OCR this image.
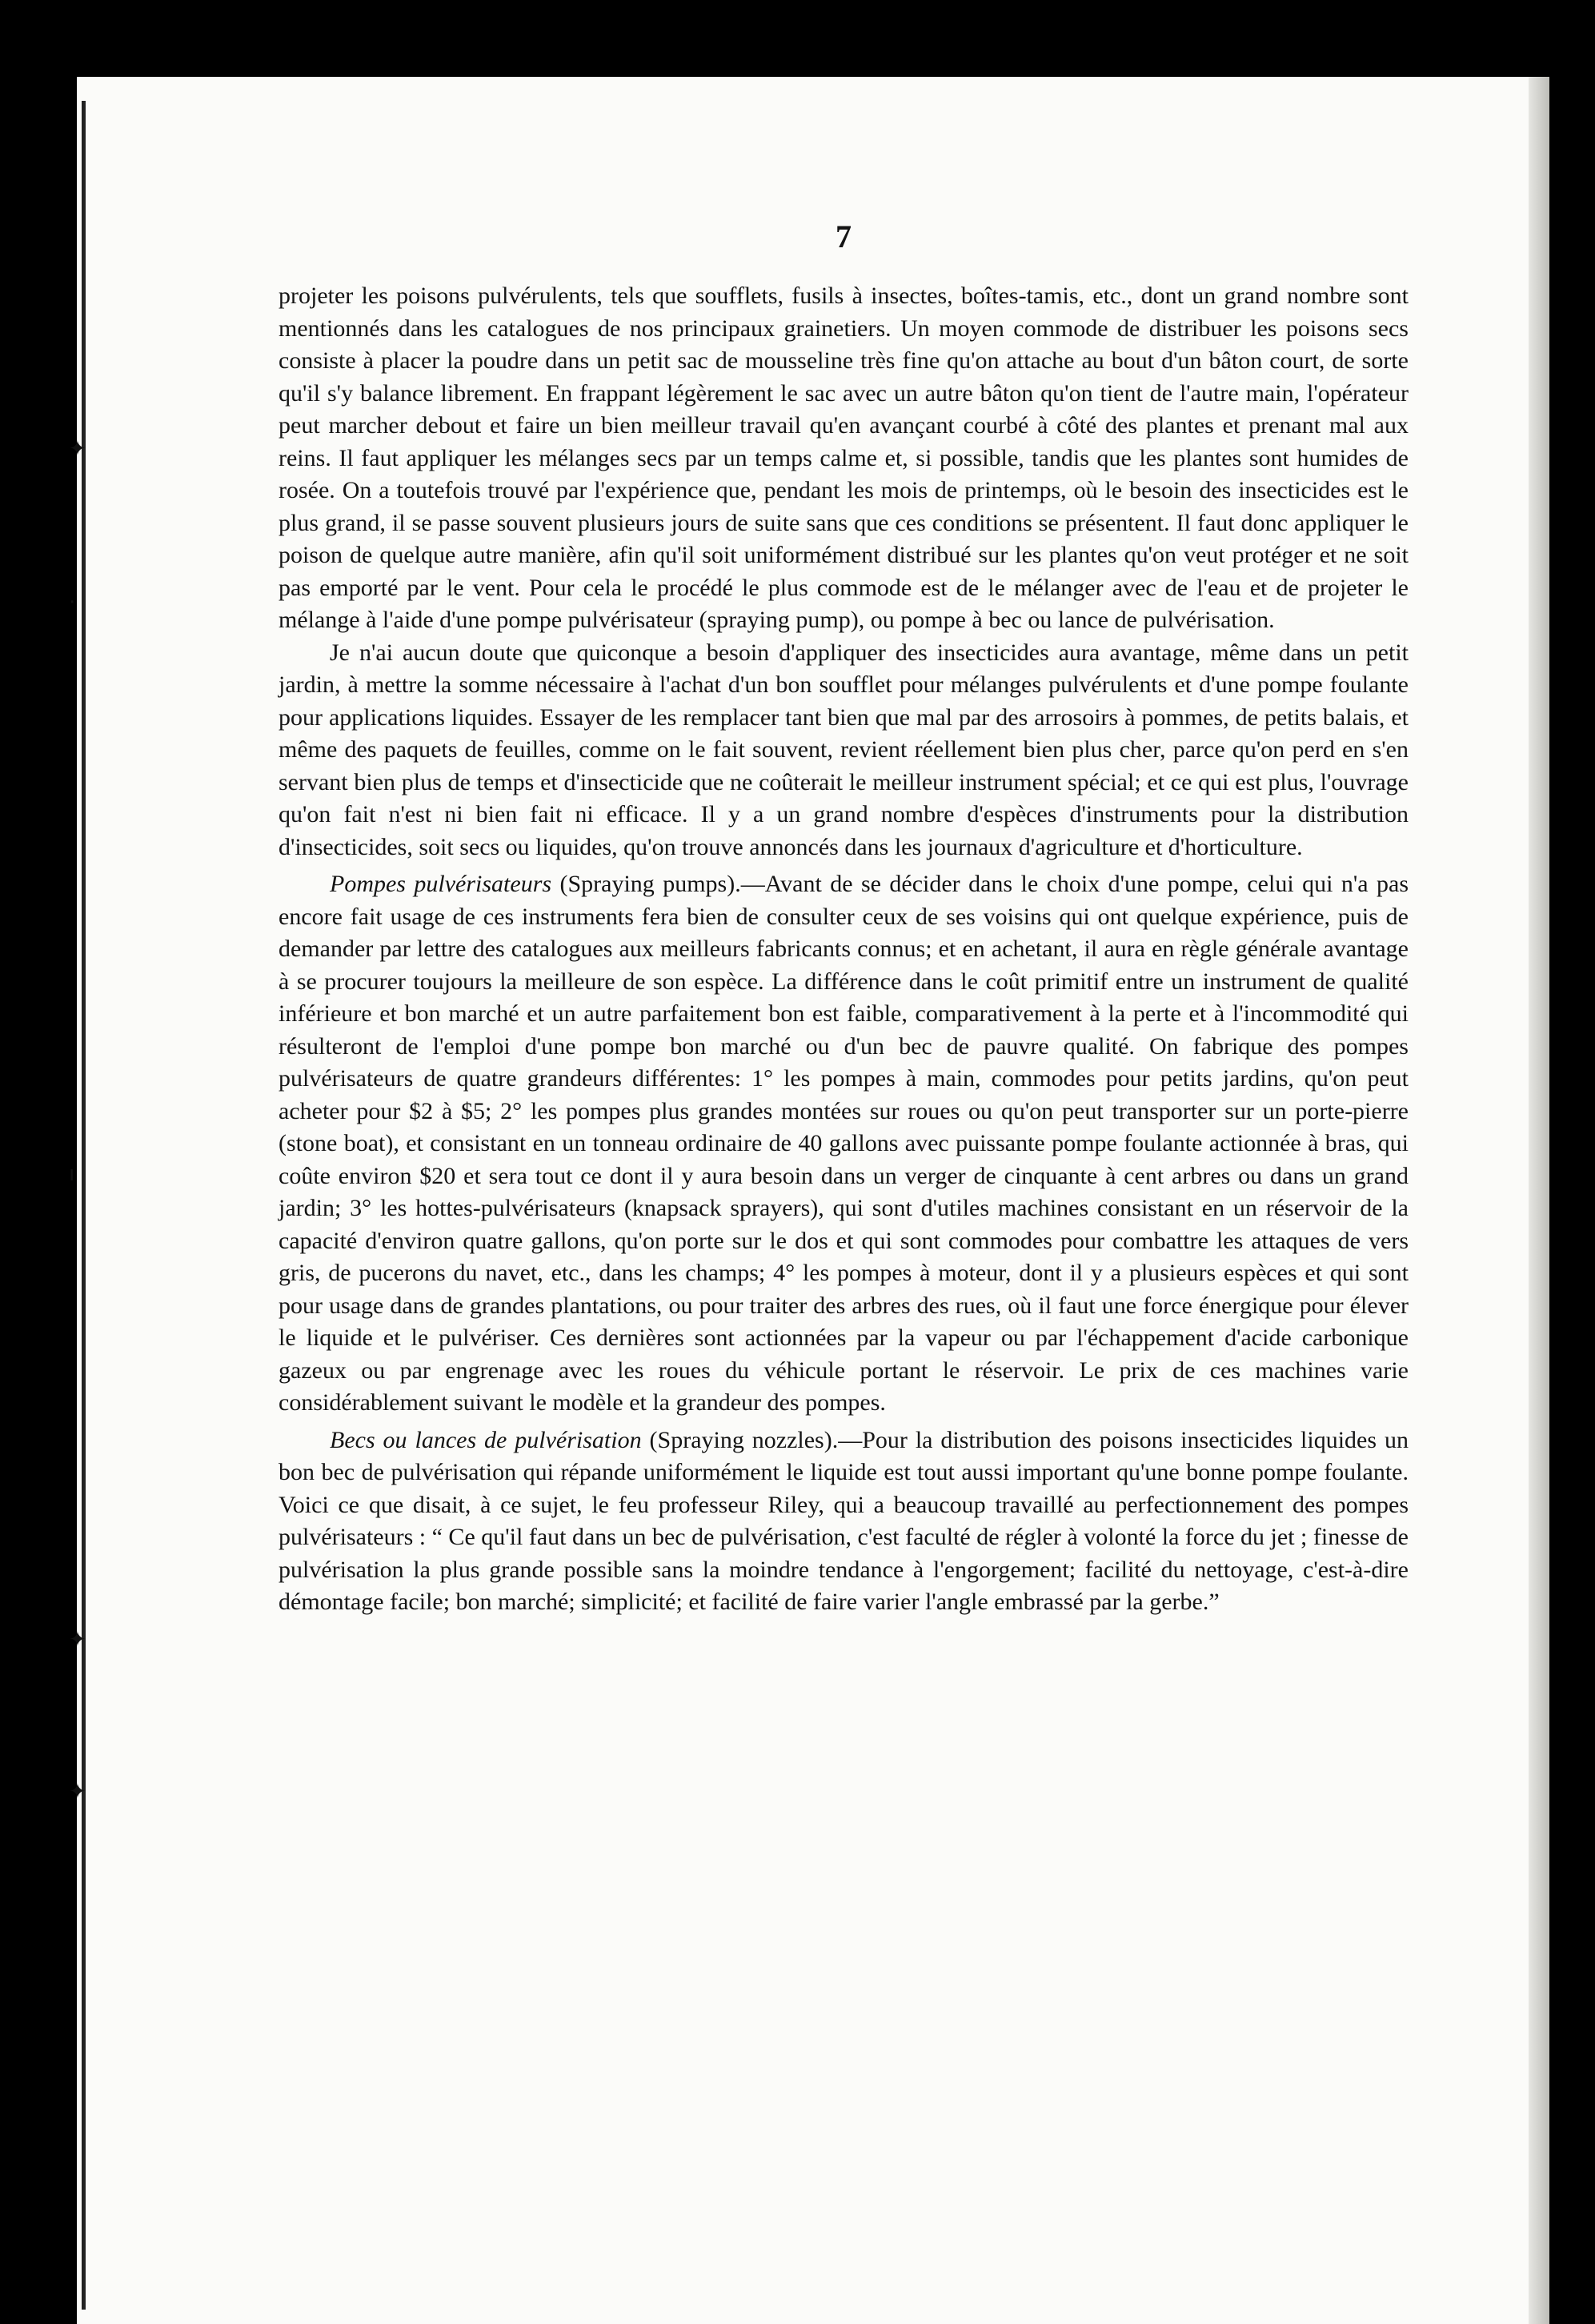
✦
·
ı
✦
✦
7

projeter les poisons pulvérulents, tels que soufflets, fusils à insectes, boîtes-tamis, etc., dont un grand nombre sont mentionnés dans les catalogues de nos principaux grainetiers. Un moyen commode de distribuer les poisons secs consiste à placer la poudre dans un petit sac de mousseline très fine qu'on attache au bout d'un bâton court, de sorte qu'il s'y balance librement. En frappant légèrement le sac avec un autre bâton qu'on tient de l'autre main, l'opérateur peut marcher debout et faire un bien meilleur travail qu'en avançant courbé à côté des plantes et prenant mal aux reins. Il faut appliquer les mélanges secs par un temps calme et, si possible, tandis que les plantes sont humides de rosée. On a toutefois trouvé par l'expérience que, pendant les mois de printemps, où le besoin des insecticides est le plus grand, il se passe souvent plusieurs jours de suite sans que ces conditions se présentent. Il faut donc appliquer le poison de quelque autre manière, afin qu'il soit uniformément distribué sur les plantes qu'on veut protéger et ne soit pas emporté par le vent. Pour cela le procédé le plus commode est de le mélanger avec de l'eau et de projeter le mélange à l'aide d'une pompe pulvérisateur (spraying pump), ou pompe à bec ou lance de pulvérisation.

Je n'ai aucun doute que quiconque a besoin d'appliquer des insecticides aura avantage, même dans un petit jardin, à mettre la somme nécessaire à l'achat d'un bon soufflet pour mélanges pulvérulents et d'une pompe foulante pour applications liquides. Essayer de les remplacer tant bien que mal par des arrosoirs à pommes, de petits balais, et même des paquets de feuilles, comme on le fait souvent, revient réellement bien plus cher, parce qu'on perd en s'en servant bien plus de temps et d'insecticide que ne coûterait le meilleur instrument spécial; et ce qui est plus, l'ouvrage qu'on fait n'est ni bien fait ni efficace. Il y a un grand nombre d'espèces d'instruments pour la distribution d'insecticides, soit secs ou liquides, qu'on trouve annoncés dans les journaux d'agriculture et d'horticulture.

Pompes pulvérisateurs (Spraying pumps).—Avant de se décider dans le choix d'une pompe, celui qui n'a pas encore fait usage de ces instruments fera bien de consulter ceux de ses voisins qui ont quelque expérience, puis de demander par lettre des catalogues aux meilleurs fabricants connus; et en achetant, il aura en règle générale avantage à se procurer toujours la meilleure de son espèce. La différence dans le coût primitif entre un instrument de qualité inférieure et bon marché et un autre parfaitement bon est faible, comparativement à la perte et à l'incommodité qui résulteront de l'emploi d'une pompe bon marché ou d'un bec de pauvre qualité. On fabrique des pompes pulvérisateurs de quatre grandeurs différentes: 1° les pompes à main, commodes pour petits jardins, qu'on peut acheter pour $2 à $5; 2° les pompes plus grandes montées sur roues ou qu'on peut transporter sur un porte-pierre (stone boat), et consistant en un tonneau ordinaire de 40 gallons avec puissante pompe foulante actionnée à bras, qui coûte environ $20 et sera tout ce dont il y aura besoin dans un verger de cinquante à cent arbres ou dans un grand jardin; 3° les hottes-pulvérisateurs (knapsack sprayers), qui sont d'utiles machines consistant en un réservoir de la capacité d'environ quatre gallons, qu'on porte sur le dos et qui sont commodes pour combattre les attaques de vers gris, de pucerons du navet, etc., dans les champs; 4° les pompes à moteur, dont il y a plusieurs espèces et qui sont pour usage dans de grandes plantations, ou pour traiter des arbres des rues, où il faut une force énergique pour élever le liquide et le pulvériser. Ces dernières sont actionnées par la vapeur ou par l'échappement d'acide carbonique gazeux ou par engrenage avec les roues du véhicule portant le réservoir. Le prix de ces machines varie considérablement suivant le modèle et la grandeur des pompes.

Becs ou lances de pulvérisation (Spraying nozzles).—Pour la distribution des poisons insecticides liquides un bon bec de pulvérisation qui répande uniformément le liquide est tout aussi important qu'une bonne pompe foulante. Voici ce que disait, à ce sujet, le feu professeur Riley, qui a beaucoup travaillé au perfectionnement des pompes pulvérisateurs : “ Ce qu'il faut dans un bec de pulvérisation, c'est faculté de régler à volonté la force du jet ; finesse de pulvérisation la plus grande possible sans la moindre tendance à l'engorgement; facilité du nettoyage, c'est-à-dire démontage facile; bon marché; simplicité; et facilité de faire varier l'angle embrassé par la gerbe.”
